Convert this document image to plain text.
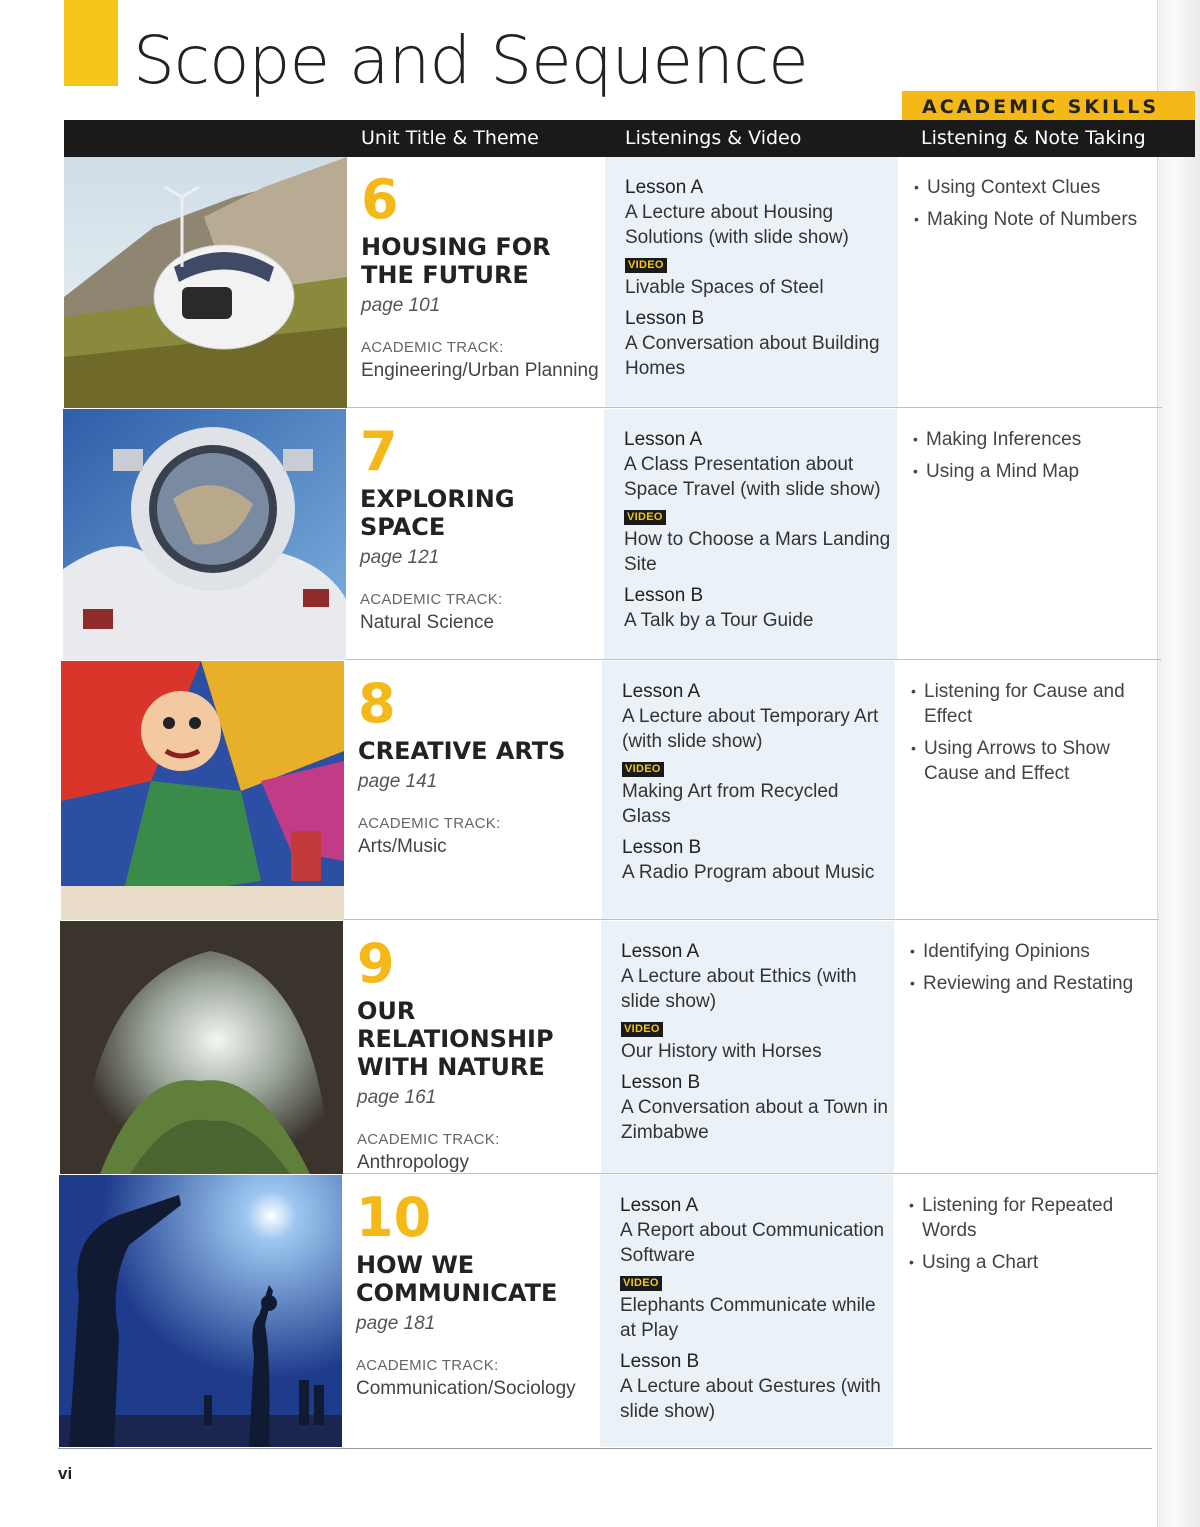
Scope and Sequence
ACADEMIC SKILLS
Unit Title & Theme	Listenings & Video	Listening & Note Taking
6
HOUSING FOR
THE FUTURE
page 101
ACADEMIC TRACK:
Engineering/Urban Planning
Lesson A
A Lecture about Housing Solutions (with slide show)
VIDEO
Livable Spaces of Steel
Lesson B
A Conversation about Building Homes
• Using Context Clues
• Making Note of Numbers
7
EXPLORING SPACE
page 121
ACADEMIC TRACK:
Natural Science
Lesson A
A Class Presentation about Space Travel (with slide show)
VIDEO
How to Choose a Mars Landing Site
Lesson B
A Talk by a Tour Guide
• Making Inferences
• Using a Mind Map
8
CREATIVE ARTS
page 141
ACADEMIC TRACK:
Arts/Music
Lesson A
A Lecture about Temporary Art (with slide show)
VIDEO
Making Art from Recycled Glass
Lesson B
A Radio Program about Music
• Listening for Cause and Effect
• Using Arrows to Show Cause and Effect
9
OUR RELATIONSHIP
WITH NATURE
page 161
ACADEMIC TRACK:
Anthropology
Lesson A
A Lecture about Ethics (with slide show)
VIDEO
Our History with Horses
Lesson B
A Conversation about a Town in Zimbabwe
• Identifying Opinions
• Reviewing and Restating
10
HOW WE
COMMUNICATE
page 181
ACADEMIC TRACK:
Communication/Sociology
Lesson A
A Report about Communication Software
VIDEO
Elephants Communicate while at Play
Lesson B
A Lecture about Gestures (with slide show)
• Listening for Repeated Words
• Using a Chart
vi
